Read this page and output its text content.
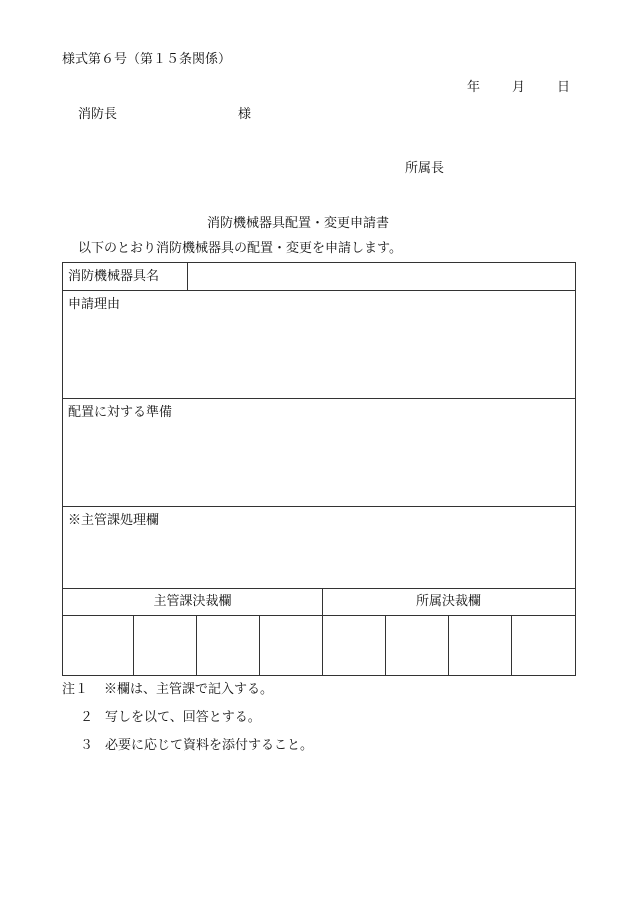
様式第６号（第１５条関係）
年 月 日
消防長	様
所属長
消防機械器具配置・変更申請書
以下のとおり消防機械器具の配置・変更を申請します。
消防機械器具名
申請理由
配置に対する準備
※主管課処理欄
主管課決裁欄	所属決裁欄
注１ ※欄は、主管課で記入する。
２ 写しを以て、回答とする。
３ 必要に応じて資料を添付すること。
